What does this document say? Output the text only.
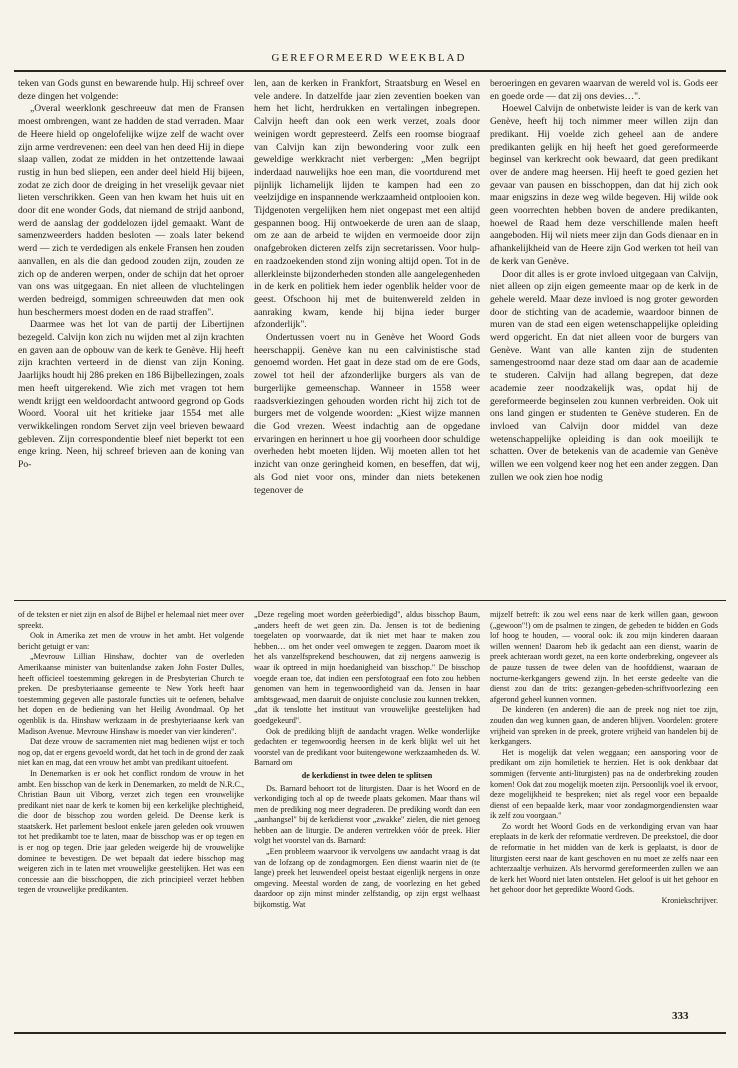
GEREFORMEERD WEEKBLAD

teken van Gods gunst en bewarende hulp. Hij schreef over deze dingen het volgende:

„Overal weerklonk geschreeuw dat men de Fransen moest ombrengen, want ze hadden de stad verraden. Maar de Heere hield op ongelofelijke wijze zelf de wacht over zijn arme verdrevenen: een deel van hen deed Hij in diepe slaap vallen, zodat ze midden in het ontzettende lawaai rustig in hun bed sliepen, een ander deel hield Hij bijeen, zodat ze zich door de dreiging in het vreselijk gevaar niet lieten verschrikken. Geen van hen kwam het huis uit en door dit ene wonder Gods, dat niemand de strijd aanbond, werd de aanslag der goddelozen ijdel gemaakt. Want de samenzweerders hadden besloten — zoals later bekend werd — zich te verdedigen als enkele Fransen hen zouden aanvallen, en als die dan gedood zouden zijn, zouden ze zich op de anderen werpen, onder de schijn dat het oproer van ons was uitgegaan. En niet alleen de vluchtelingen werden bedreigd, sommigen schreeuwden dat men ook hun beschermers moest doden en de raad straffen".

Daarmee was het lot van de partij der Libertijnen bezegeld. Calvijn kon zich nu wijden met al zijn krachten en gaven aan de opbouw van de kerk te Genève. Hij heeft zijn krachten verteerd in de dienst van zijn Koning. Jaarlijks houdt hij 286 preken en 186 Bijbellezingen, zoals men heeft uitgerekend. Wie zich met vragen tot hem wendt krijgt een weldoordacht antwoord gegrond op Gods Woord. Vooral uit het kritieke jaar 1554 met alle verwikkelingen rondom Servet zijn veel brieven bewaard gebleven. Zijn correspondentie bleef niet beperkt tot een enge kring. Neen, hij schreef brieven aan de koning van Po-

len, aan de kerken in Frankfort, Straatsburg en Wesel en vele andere. In datzelfde jaar zien zeventien boeken van hem het licht, herdrukken en vertalingen inbegrepen. Calvijn heeft dan ook een werk verzet, zoals door weinigen wordt gepresteerd. Zelfs een roomse biograaf van Calvijn kan zijn bewondering voor zulk een geweldige werkkracht niet verbergen: „Men begrijpt inderdaad nauwelijks hoe een man, die voortdurend met pijnlijk lichamelijk lijden te kampen had een zo veelzijdige en inspannende werkzaamheid ontplooien kon. Tijdgenoten vergelijken hem niet ongepast met een altijd gespannen boog. Hij ontwoekerde de uren aan de slaap, om ze aan de arbeid te wijden en vermoeide door zijn onafgebroken dicteren zelfs zijn secretarissen. Voor hulp- en raadzoekenden stond zijn woning altijd open. Tot in de allerkleinste bijzonderheden stonden alle aangelegenheden in de kerk en politiek hem ieder ogenblik helder voor de geest. Ofschoon hij met de buitenwereld zelden in aanraking kwam, kende hij bijna ieder burger afzonderlijk".

Ondertussen voert nu in Genève het Woord Gods heerschappij. Genève kan nu een calvinistische stad genoemd worden. Het gaat in deze stad om de ere Gods, zowel tot heil der afzonderlijke burgers als van de burgerlijke gemeenschap. Wanneer in 1558 weer raadsverkiezingen gehouden worden richt hij zich tot de burgers met de volgende woorden: „Kiest wijze mannen die God vrezen. Weest indachtig aan de opgedane ervaringen en herinnert u hoe gij voorheen door schuldige overheden hebt moeten lijden. Wij moeten allen tot het inzicht van onze geringheid komen, en beseffen, dat wij, als God niet voor ons, minder dan niets betekenen tegenover de

beroeringen en gevaren waarvan de wereld vol is. Gods eer en goede orde — dat zij ons devies…".

Hoewel Calvijn de onbetwiste leider is van de kerk van Genève, heeft hij toch nimmer meer willen zijn dan predikant. Hij voelde zich geheel aan de andere predikanten gelijk en hij heeft het goed gereformeerde beginsel van kerkrecht ook bewaard, dat geen predikant over de andere mag heersen. Hij heeft te goed gezien het gevaar van pausen en bisschoppen, dan dat hij zich ook maar enigszins in deze weg wilde begeven. Hij wilde ook geen voorrechten hebben boven de andere predikanten, hoewel de Raad hem deze verschillende malen heeft aangeboden. Hij wil niets meer zijn dan Gods dienaar en in afhankelijkheid van de Heere zijn God werken tot heil van de kerk van Genève.

Door dit alles is er grote invloed uitgegaan van Calvijn, niet alleen op zijn eigen gemeente maar op de kerk in de gehele wereld. Maar deze invloed is nog groter geworden door de stichting van de academie, waardoor binnen de muren van de stad een eigen wetenschappelijke opleiding werd opgericht. En dat niet alleen voor de burgers van Genève. Want van alle kanten zijn de studenten samengestroomd naar deze stad om daar aan de academie te studeren. Calvijn had allang begrepen, dat deze academie zeer noodzakelijk was, opdat hij de gereformeerde beginselen zou kunnen verbreiden. Ook uit ons land gingen er studenten te Genève studeren. En de invloed van Calvijn door middel van deze wetenschappelijke opleiding is dan ook moeilijk te schatten. Over de betekenis van de academie van Genève willen we een volgend keer nog het een ander zeggen. Dan zullen we ook zien hoe nodig

of de teksten er niet zijn en alsof de Bijbel er helemaal niet meer over spreekt.

Ook in Amerika zet men de vrouw in het ambt. Het volgende bericht getuigt er van:

„Mevrouw Lillian Hinshaw, dochter van de overleden Amerikaanse minister van buitenlandse zaken John Foster Dulles, heeft officieel toestemming gekregen in de Presbyterian Church te preken. De presbyteriaanse gemeente te New York heeft haar toestemming gegeven alle pastorale functies uit te oefenen, behalve het dopen en de bediening van het Heilig Avondmaal. Op het ogenblik is da. Hinshaw werkzaam in de presbyteriaanse kerk van Madison Avenue. Mevrouw Hinshaw is moeder van vier kinderen".

Dat deze vrouw de sacramenten niet mag bedienen wijst er toch nog op, dat er ergens gevoeld wordt, dat het toch in de grond der zaak niet kan en mag, dat een vrouw het ambt van predikant uitoefent.

In Denemarken is er ook het conflict rondom de vrouw in het ambt. Een bisschop van de kerk in Denemarken, zo meldt de N.R.C., Christian Baun uit Viborg, verzet zich tegen een vrouwelijke predikant niet naar de kerk te komen bij een kerkelijke plechtigheid, die door de bisschop zou worden geleid. De Deense kerk is staatskerk. Het parlement besloot enkele jaren geleden ook vrouwen tot het predikambt toe te laten, maar de bisschop was er op tegen en is er nog op tegen. Drie jaar geleden weigerde hij de vrouwelijke dominee te bevestigen. De wet bepaalt dat iedere bisschop mag weigeren zich in te laten met vrouwelijke geestelijken. Het was een concessie aan die bisschoppen, die zich principieel verzet hebben tegen de vrouwelijke predikanten.

„Deze regeling moet worden geëerbiedigd", aldus bisschop Baum, „anders heeft de wet geen zin. Da. Jensen is tot de bediening toegelaten op voorwaarde, dat ik niet met haar te maken zou hebben… om het onder veel omwegen te zeggen. Daarom moet ik het als vanzelfsprekend beschouwen, dat zij nergens aanwezig is waar ik optreed in mijn hoedanigheid van bisschop." De bisschop voegde eraan toe, dat indien een persfotograaf een foto zou hebben genomen van hem in tegenwoordigheid van da. Jensen in haar ambtsgewaad, men daaruit de onjuiste conclusie zou kunnen trekken, „dat ik tenslotte het instituut van vrouwelijke geestelijken had goedgekeurd".

Ook de prediking blijft de aandacht vragen. Welke wonderlijke gedachten er tegenwoordig heersen in de kerk blijkt wel uit het voorstel van de predikant voor buitengewone werkzaamheden ds. W. Barnard om

de kerkdienst in twee delen te splitsen

Ds. Barnard behoort tot de liturgisten. Daar is het Woord en de verkondiging toch al op de tweede plaats gekomen. Maar thans wil men de prediking nog meer degraderen. De prediking wordt dan een „aanhangsel" bij de kerkdienst voor „zwakke" zielen, die niet genoeg hebben aan de liturgie. De anderen vertrekken vóór de preek. Hier volgt het voorstel van ds. Barnard:

„Een probleem waarvoor ik vervolgens uw aandacht vraag is dat van de lofzang op de zondagmorgen. Een dienst waarin niet de (te lange) preek het leuwendeel opeist bestaat eigenlijk nergens in onze omgeving. Meestal worden de zang, de voorlezing en het gebed daardoor op zijn minst minder zelfstandig, op zijn ergst welhaast bijkomstig. Wat

mijzelf betreft: ik zou wel eens naar de kerk willen gaan, gewoon („gewoon"!) om de psalmen te zingen, de gebeden te bidden en Gods lof hoog te houden, — vooral ook: ik zou mijn kinderen daaraan willen wennen! Daarom heb ik gedacht aan een dienst, waarin de preek achteraan wordt gezet, na een korte onderbreking, ongeveer als de pauze tussen de twee delen van de hoofddienst, waaraan de nocturne-kerkgangers gewend zijn. In het eerste gedeelte van die dienst zou dan de trits: gezangen-gebeden-schriftvoorlezing een afgerond geheel kunnen vormen.

De kinderen (en anderen) die aan de preek nog niet toe zijn, zouden dan weg kunnen gaan, de anderen blijven. Voordelen: grotere vrijheid van spreken in de preek, grotere vrijheid van handelen bij de kerkgangers.

Het is mogelijk dat velen weggaan; een aansporing voor de predikant om zijn homiletiek te herzien. Het is ook denkbaar dat sommigen (fervente anti-liturgisten) pas na de onderbreking zouden komen! Ook dat zou mogelijk moeten zijn. Persoonlijk voel ik ervoor, deze mogelijkheid te bespreken; niet als regel voor een bepaalde dienst of een bepaalde kerk, maar voor zondagmorgendiensten waar ik zelf zou voorgaan."

Zo wordt het Woord Gods en de verkondiging ervan van haar ereplaats in de kerk der reformatie verdreven. De preekstoel, die door de reformatie in het midden van de kerk is geplaatst, is door de liturgisten eerst naar de kant geschoven en nu moet ze zelfs naar een achterzaaltje verhuizen. Als hervormd gereformeerden zullen we aan de kerk het Woord niet laten ontstelen. Het geloof is uit het gehoor en het gehoor door het gepredikte Woord Gods.

Kroniekschrijver.

333
